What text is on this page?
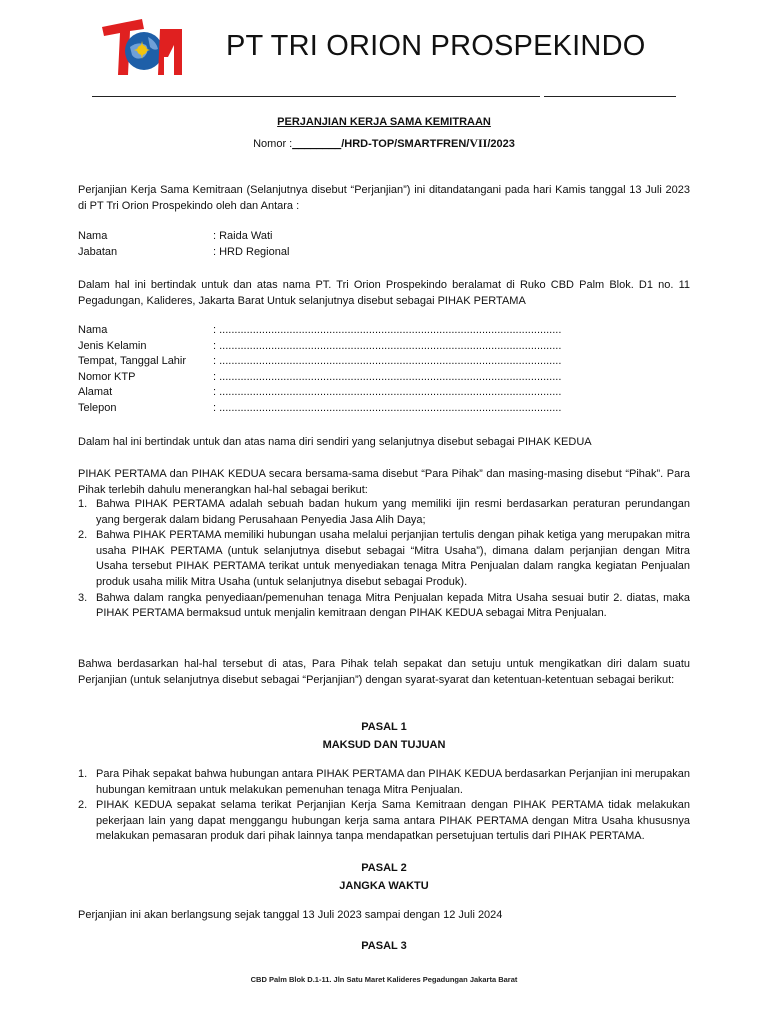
PT TRI ORION PROSPEKINDO
PERJANJIAN KERJA SAMA KEMITRAAN
Nomor :________/HRD-TOP/SMARTFREN/VII/2023

Perjanjian Kerja Sama Kemitraan (Selanjutnya disebut “Perjanjian”) ini ditandatangani pada hari Kamis tanggal 13 Juli 2023 di PT Tri Orion Prospekindo oleh dan Antara :

Nama	: Raida Wati
Jabatan	: HRD Regional

Dalam hal ini bertindak untuk dan atas nama PT. Tri Orion Prospekindo beralamat di Ruko CBD Palm Blok. D1 no. 11 Pegadungan, Kalideres, Jakarta Barat Untuk selanjutnya disebut sebagai PIHAK PERTAMA

Nama	: ................................................................................................................
Jenis Kelamin	: ................................................................................................................
Tempat, Tanggal Lahir	: ................................................................................................................
Nomor KTP	: ................................................................................................................
Alamat	: ................................................................................................................
Telepon	: ................................................................................................................

Dalam hal ini bertindak untuk dan atas nama diri sendiri yang selanjutnya disebut sebagai PIHAK KEDUA

PIHAK PERTAMA dan PIHAK KEDUA secara bersama-sama disebut “Para Pihak” dan masing-masing disebut “Pihak”. Para Pihak terlebih dahulu menerangkan hal-hal sebagai berikut:

1. Bahwa PIHAK PERTAMA adalah sebuah badan hukum yang memiliki ijin resmi berdasarkan peraturan perundangan yang bergerak dalam bidang Perusahaan Penyedia Jasa Alih Daya;
2. Bahwa PIHAK PERTAMA memiliki hubungan usaha melalui perjanjian tertulis dengan pihak ketiga yang merupakan mitra usaha PIHAK PERTAMA (untuk selanjutnya disebut sebagai “Mitra Usaha”), dimana dalam perjanjian dengan Mitra Usaha tersebut PIHAK PERTAMA terikat untuk menyediakan tenaga Mitra Penjualan dalam rangka kegiatan Penjualan produk usaha milik Mitra Usaha (untuk selanjutnya disebut sebagai Produk).
3. Bahwa dalam rangka penyediaan/pemenuhan tenaga Mitra Penjualan kepada Mitra Usaha sesuai butir 2. diatas, maka PIHAK PERTAMA bermaksud untuk menjalin kemitraan dengan PIHAK KEDUA sebagai Mitra Penjualan.

Bahwa berdasarkan hal-hal tersebut di atas, Para Pihak telah sepakat dan setuju untuk mengikatkan diri dalam suatu Perjanjian (untuk selanjutnya disebut sebagai “Perjanjian”) dengan syarat-syarat dan ketentuan-ketentuan sebagai berikut:

PASAL 1
MAKSUD DAN TUJUAN
1. Para Pihak sepakat bahwa hubungan antara PIHAK PERTAMA dan PIHAK KEDUA berdasarkan Perjanjian ini merupakan hubungan kemitraan untuk melakukan pemenuhan tenaga Mitra Penjualan.
2. PIHAK KEDUA sepakat selama terikat Perjanjian Kerja Sama Kemitraan dengan PIHAK PERTAMA tidak melakukan pekerjaan lain yang dapat menggangu hubungan kerja sama antara PIHAK PERTAMA dengan Mitra Usaha khususnya melakukan pemasaran produk dari pihak lainnya tanpa mendapatkan persetujuan tertulis dari PIHAK PERTAMA.
PASAL 2
JANGKA WAKTU

Perjanjian ini akan berlangsung sejak tanggal 13 Juli 2023 sampai dengan 12 Juli 2024

PASAL 3
CBD Palm Blok D.1-11. Jln Satu Maret Kalideres Pegadungan Jakarta Barat
